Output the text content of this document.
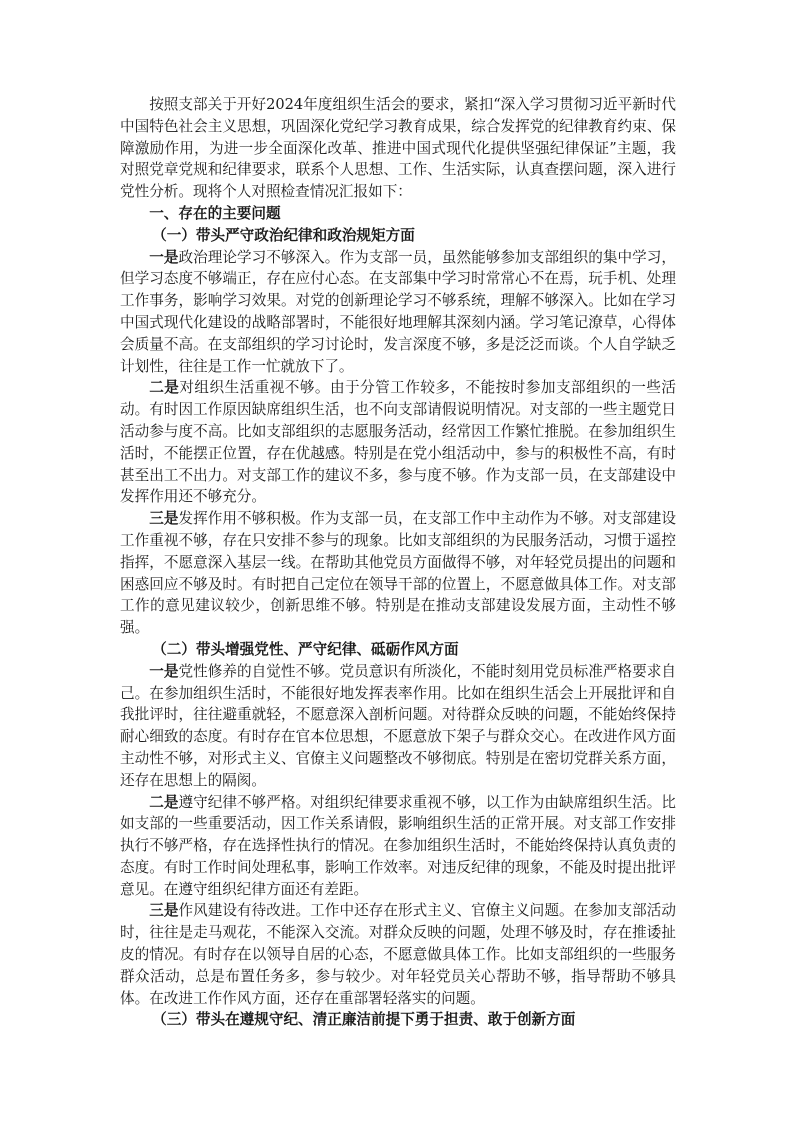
按照支部关于开好2024年度组织生活会的要求，紧扣“深入学习贯彻习近平新时代中国特色社会主义思想，巩固深化党纪学习教育成果，综合发挥党的纪律教育约束、保障激励作用，为进一步全面深化改革、推进中国式现代化提供坚强纪律保证”主题，我对照党章党规和纪律要求，联系个人思想、工作、生活实际，认真查摆问题，深入进行党性分析。现将个人对照检查情况汇报如下：

一、存在的主要问题
（一）带头严守政治纪律和政治规矩方面

一是政治理论学习不够深入。作为支部一员，虽然能够参加支部组织的集中学习，但学习态度不够端正，存在应付心态。在支部集中学习时常常心不在焉，玩手机、处理工作事务，影响学习效果。对党的创新理论学习不够系统，理解不够深入。比如在学习中国式现代化建设的战略部署时，不能很好地理解其深刻内涵。学习笔记潦草，心得体会质量不高。在支部组织的学习讨论时，发言深度不够，多是泛泛而谈。个人自学缺乏计划性，往往是工作一忙就放下了。

二是对组织生活重视不够。由于分管工作较多，不能按时参加支部组织的一些活动。有时因工作原因缺席组织生活，也不向支部请假说明情况。对支部的一些主题党日活动参与度不高。比如支部组织的志愿服务活动，经常因工作繁忙推脱。在参加组织生活时，不能摆正位置，存在优越感。特别是在党小组活动中，参与的积极性不高，有时甚至出工不出力。对支部工作的建议不多，参与度不够。作为支部一员，在支部建设中发挥作用还不够充分。

三是发挥作用不够积极。作为支部一员，在支部工作中主动作为不够。对支部建设工作重视不够，存在只安排不参与的现象。比如支部组织的为民服务活动，习惯于遥控指挥，不愿意深入基层一线。在帮助其他党员方面做得不够，对年轻党员提出的问题和困惑回应不够及时。有时把自己定位在领导干部的位置上，不愿意做具体工作。对支部工作的意见建议较少，创新思维不够。特别是在推动支部建设发展方面，主动性不够强。

（二）带头增强党性、严守纪律、砥砺作风方面

一是党性修养的自觉性不够。党员意识有所淡化，不能时刻用党员标准严格要求自己。在参加组织生活时，不能很好地发挥表率作用。比如在组织生活会上开展批评和自我批评时，往往避重就轻，不愿意深入剖析问题。对待群众反映的问题，不能始终保持耐心细致的态度。有时存在官本位思想，不愿意放下架子与群众交心。在改进作风方面主动性不够，对形式主义、官僚主义问题整改不够彻底。特别是在密切党群关系方面，还存在思想上的隔阂。

二是遵守纪律不够严格。对组织纪律要求重视不够，以工作为由缺席组织生活。比如支部的一些重要活动，因工作关系请假，影响组织生活的正常开展。对支部工作安排执行不够严格，存在选择性执行的情况。在参加组织生活时，不能始终保持认真负责的态度。有时工作时间处理私事，影响工作效率。对违反纪律的现象，不能及时提出批评意见。在遵守组织纪律方面还有差距。

三是作风建设有待改进。工作中还存在形式主义、官僚主义问题。在参加支部活动时，往往是走马观花，不能深入交流。对群众反映的问题，处理不够及时，存在推诿扯皮的情况。有时存在以领导自居的心态，不愿意做具体工作。比如支部组织的一些服务群众活动，总是布置任务多，参与较少。对年轻党员关心帮助不够，指导帮助不够具体。在改进工作作风方面，还存在重部署轻落实的问题。

（三）带头在遵规守纪、清正廉洁前提下勇于担责、敢于创新方面
